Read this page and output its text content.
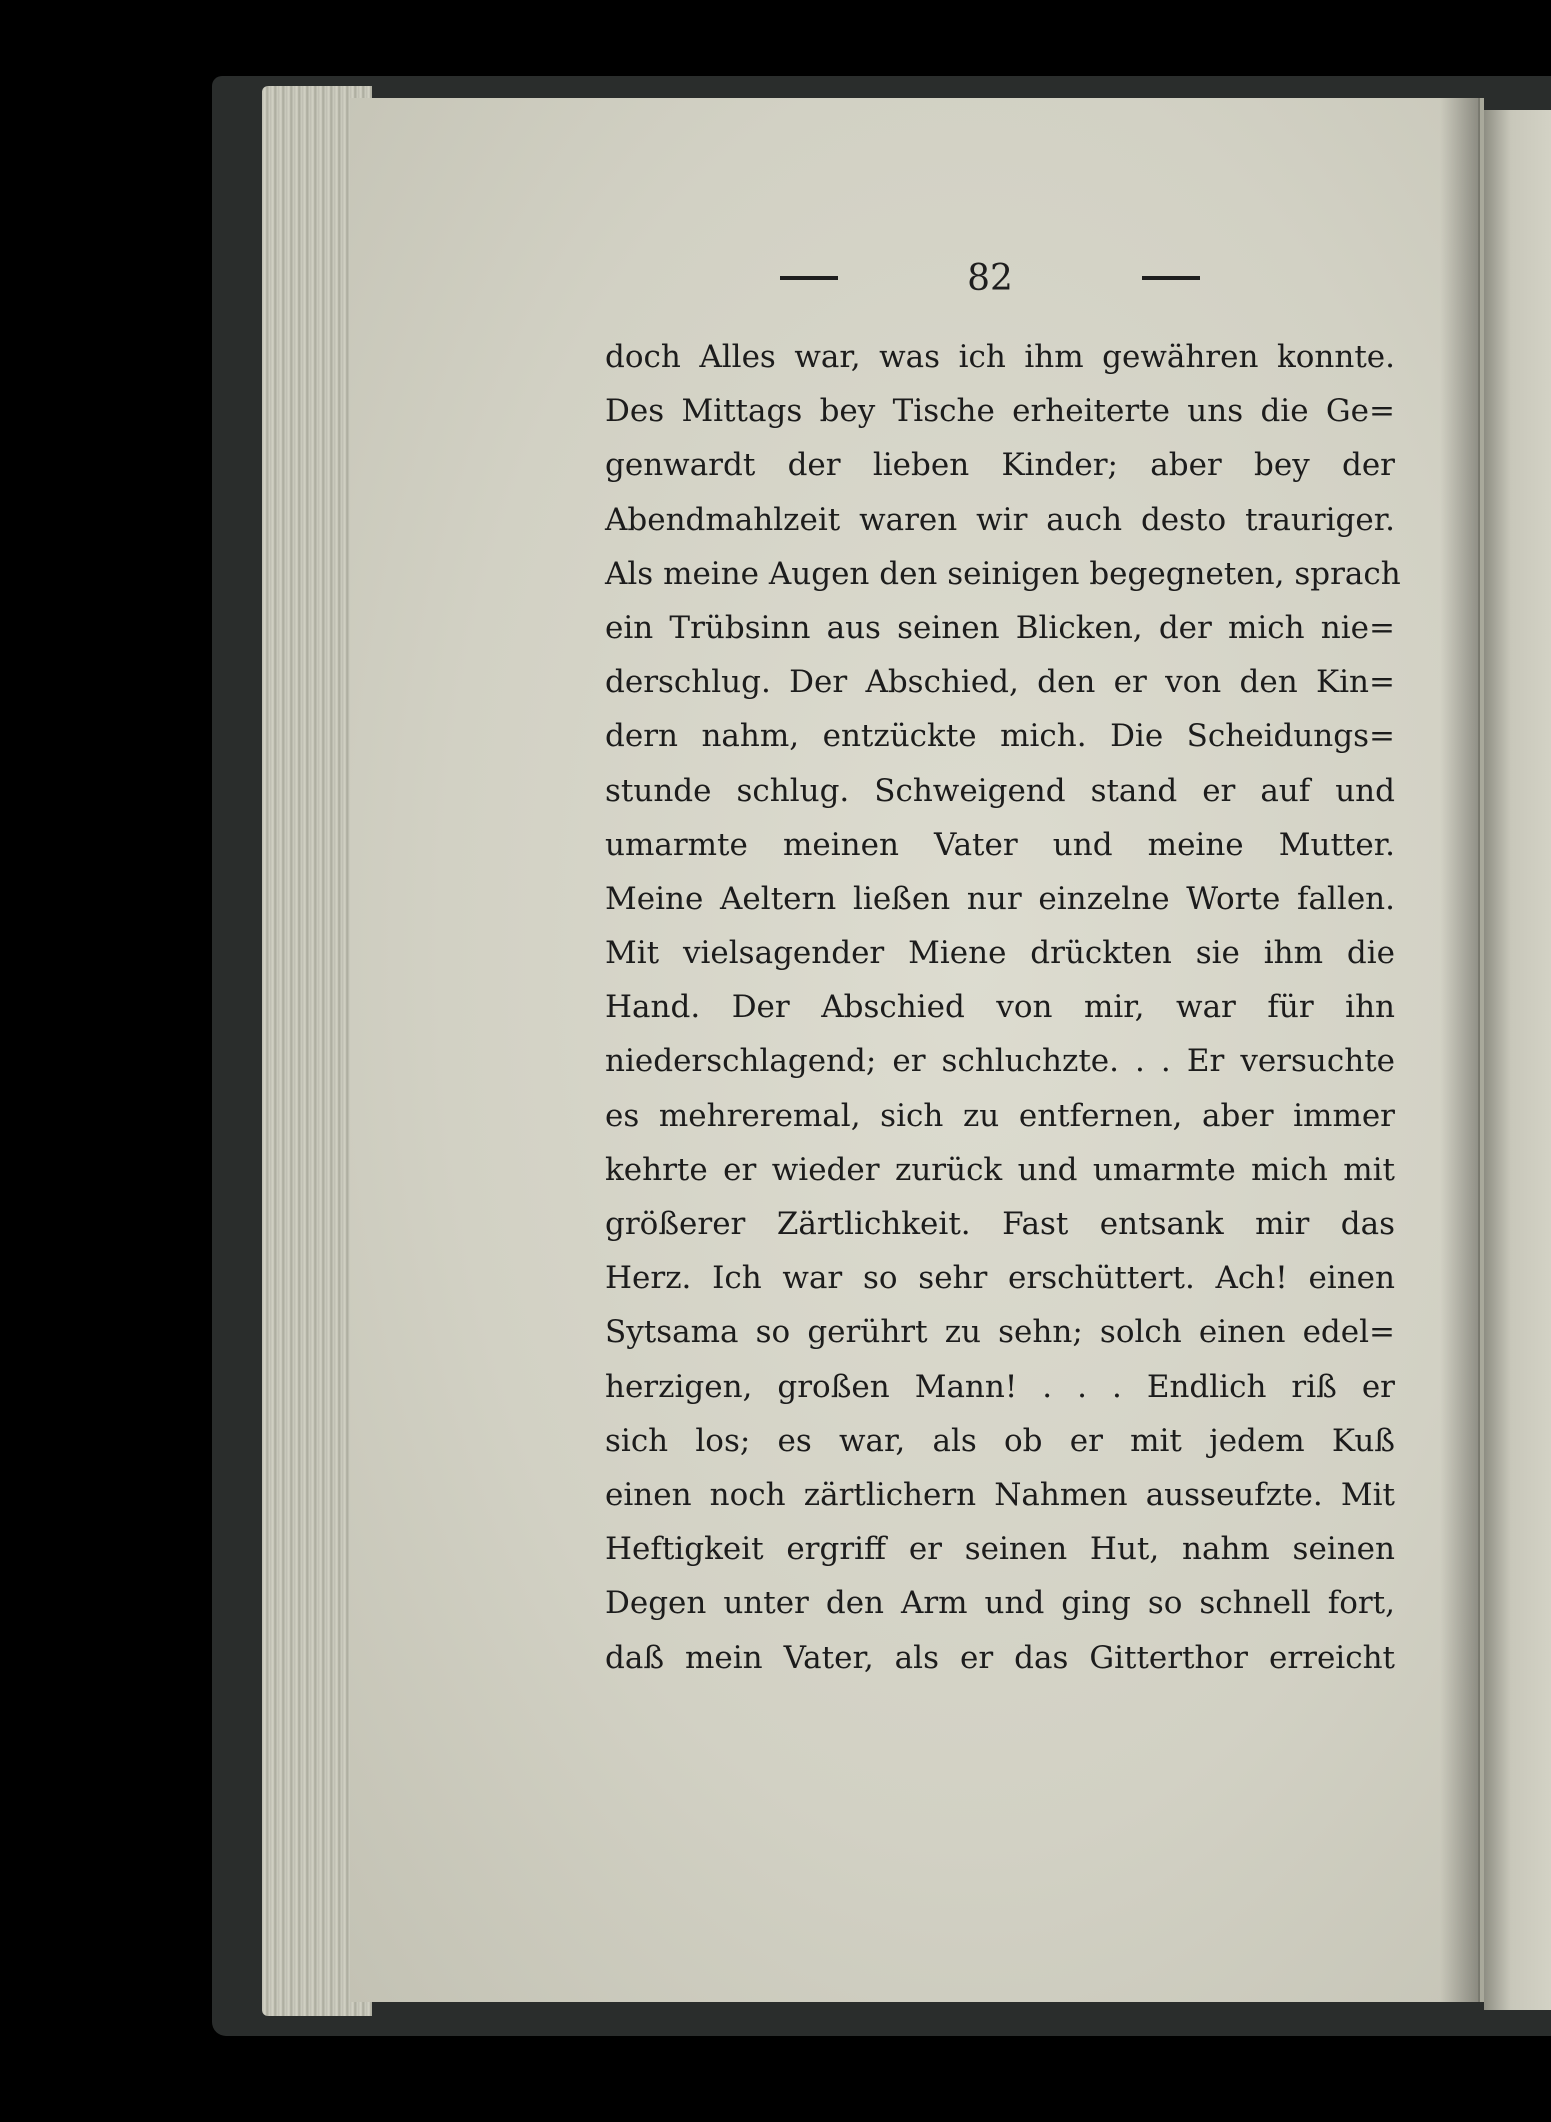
82
doch Alles war, was ich ihm gewähren konnte.
Des Mittags bey Tische erheiterte uns die Ge=
genwardt der lieben Kinder; aber bey der
Abendmahlzeit waren wir auch desto trauriger.
Als meine Augen den seinigen begegneten, sprach
ein Trübsinn aus seinen Blicken, der mich nie=
derschlug. Der Abschied, den er von den Kin=
dern nahm, entzückte mich. Die Scheidungs=
stunde schlug. Schweigend stand er auf und
umarmte meinen Vater und meine Mutter.
Meine Aeltern ließen nur einzelne Worte fallen.
Mit vielsagender Miene drückten sie ihm die
Hand. Der Abschied von mir, war für ihn
niederschlagend; er schluchzte. . . Er versuchte
es mehreremal, sich zu entfernen, aber immer
kehrte er wieder zurück und umarmte mich mit
größerer Zärtlichkeit. Fast entsank mir das
Herz. Ich war so sehr erschüttert. Ach! einen
Sytsama so gerührt zu sehn; solch einen edel=
herzigen, großen Mann! . . . Endlich riß er
sich los; es war, als ob er mit jedem Kuß
einen noch zärtlichern Nahmen ausseufzte. Mit
Heftigkeit ergriff er seinen Hut, nahm seinen
Degen unter den Arm und ging so schnell fort,
daß mein Vater, als er das Gitterthor erreicht
